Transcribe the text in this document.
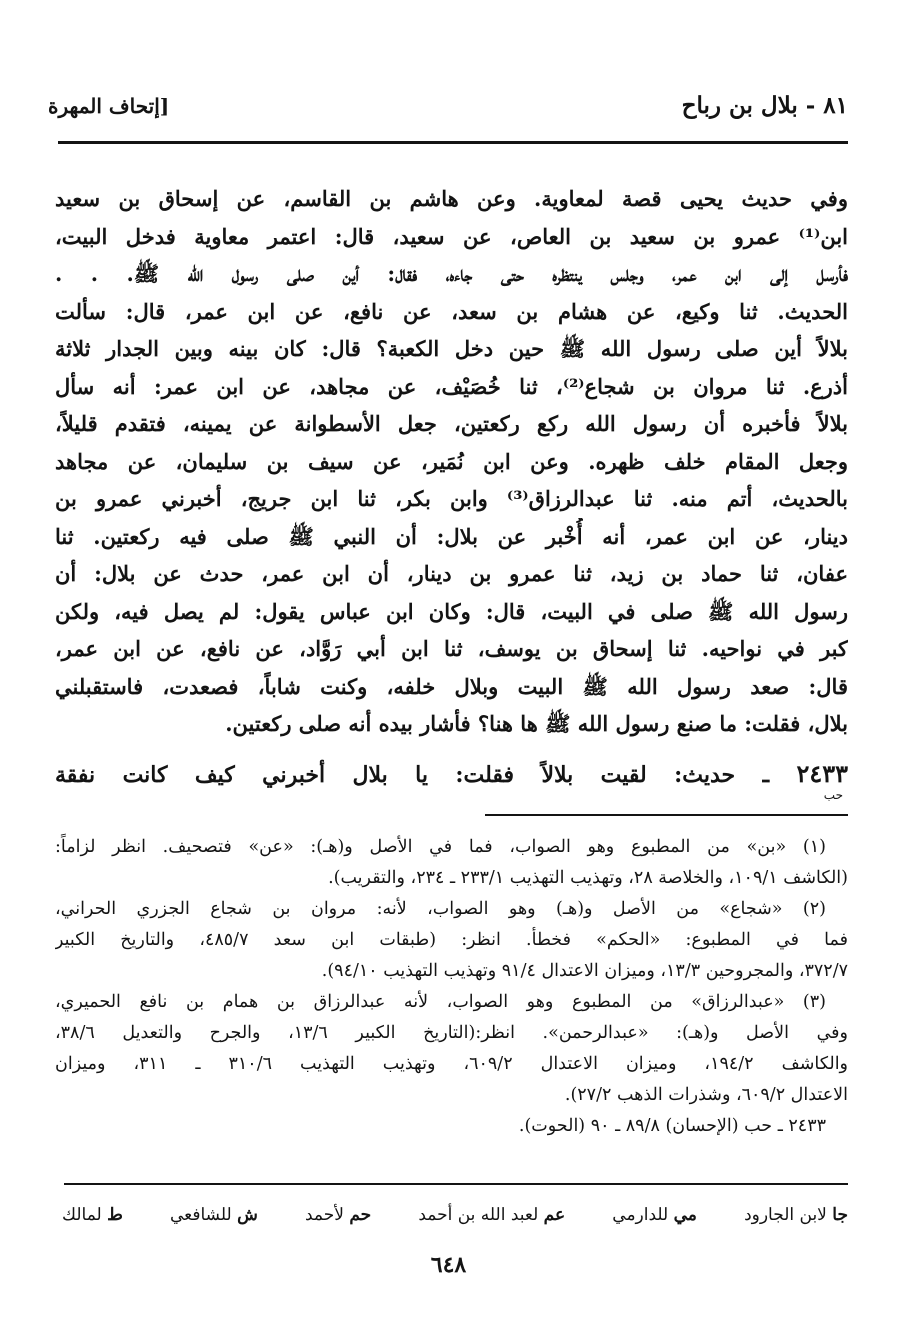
٨١ - بلال بن رباح
[إتحاف المهرة
وفي حديث يحيى قصة لمعاوية. وعن هاشم بن القاسم، عن إسحاق بن سعيد
ابن⁽¹⁾ عمرو بن سعيد بن العاص، عن سعيد، قال: اعتمر معاوية فدخل البيت،
فأرسل إلى ابن عمر، وجلس ينتظره حتى جاءه، فقال: أين صلى رسول الله ﷺ. . .
الحديث. ثنا وكيع، عن هشام بن سعد، عن نافع، عن ابن عمر، قال: سألت
بلالاً أين صلى رسول الله ﷺ حين دخل الكعبة؟ قال: كان بينه وبين الجدار ثلاثة
أذرع. ثنا مروان بن شجاع⁽²⁾، ثنا خُصَيْف، عن مجاهد، عن ابن عمر: أنه سأل
بلالاً فأخبره أن رسول الله ركع ركعتين، جعل الأسطوانة عن يمينه، فتقدم قليلاً،
وجعل المقام خلف ظهره. وعن ابن نُمَير، عن سيف بن سليمان، عن مجاهد
بالحديث، أتم منه. ثنا عبدالرزاق⁽³⁾ وابن بكر، ثنا ابن جريج، أخبرني عمرو بن
دينار، عن ابن عمر، أنه أُخْبر عن بلال: أن النبي ﷺ صلى فيه ركعتين. ثنا
عفان، ثنا حماد بن زيد، ثنا عمرو بن دينار، أن ابن عمر، حدث عن بلال: أن
رسول الله ﷺ صلى في البيت، قال: وكان ابن عباس يقول: لم يصل فيه، ولكن
كبر في نواحيه. ثنا إسحاق بن يوسف، ثنا ابن أبي رَوَّاد، عن نافع، عن ابن عمر،
قال: صعد رسول الله ﷺ البيت وبلال خلفه، وكنت شاباً، فصعدت، فاستقبلني
بلال، فقلت: ما صنع رسول الله ﷺ ها هنا؟ فأشار بيده أنه صلى ركعتين.
٢٤٣٣ ـ حديث: لقيت بلالاً فقلت: يا بلال أخبرني كيف كانت نفقة
حب
(١) «بن» من المطبوع وهو الصواب، فما في الأصل و(هـ): «عن» فتصحيف. انظر لزاماً:
(الكاشف ١٠٩/١، والخلاصة ٢٨، وتهذيب التهذيب ٢٣٣/١ ـ ٢٣٤، والتقريب).
(٢) «شجاع» من الأصل و(هـ) وهو الصواب، لأنه: مروان بن شجاع الجزري الحراني،
فما في المطبوع: «الحكم» فخطأ. انظر: (طبقات ابن سعد ٤٨٥/٧، والتاريخ الكبير
٣٧٢/٧، والمجروحين ١٣/٣، وميزان الاعتدال ٩١/٤ وتهذيب التهذيب ٩٤/١٠).
(٣) «عبدالرزاق» من المطبوع وهو الصواب، لأنه عبدالرزاق بن همام بن نافع الحميري،
وفي الأصل و(هـ): «عبدالرحمن». انظر:(التاريخ الكبير ١٣/٦، والجرح والتعديل ٣٨/٦،
والكاشف ١٩٤/٢، وميزان الاعتدال ٦٠٩/٢، وتهذيب التهذيب ٣١٠/٦ ـ ٣١١، وميزان
الاعتدال ٦٠٩/٢، وشذرات الذهب ٢٧/٢).
٢٤٣٣ ـ حب (الإحسان) ٨٩/٨ ـ ٩٠ (الحوت).
ط لمالك	ش للشافعي	حم لأحمد	عم لعبد الله بن أحمد	مي للدارمي	جا لابن الجارود
٦٤٨
